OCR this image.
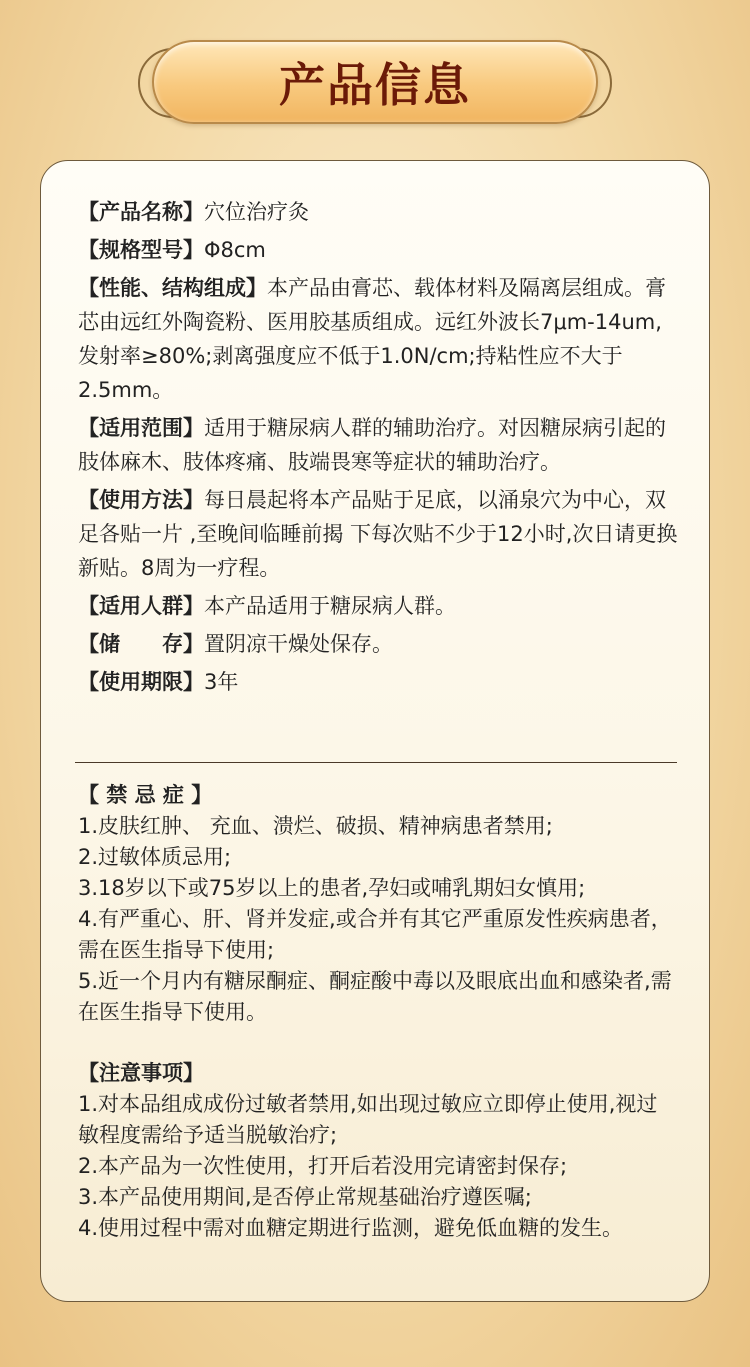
产品信息

【产品名称】穴位治疗灸

【规格型号】Φ8cm

【性能、结构组成】本产品由膏芯、载体材料及隔离层组成。膏芯由远红外陶瓷粉、医用胶基质组成。远红外波长7μm-14um,发射率≥80%;剥离强度应不低于1.0N/cm;持粘性应不大于2.5mm。

【适用范围】适用于糖尿病人群的辅助治疗。对因糖尿病引起的肢体麻木、肢体疼痛、肢端畏寒等症状的辅助治疗。

【使用方法】每日晨起将本产品贴于足底，以涌泉穴为中心，双足各贴一片 ,至晚间临睡前揭 下每次贴不少于12小时,次日请更换新贴。8周为一疗程。

【适用人群】本产品适用于糖尿病人群。

【储　　存】置阴凉干燥处保存。

【使用期限】3年

【 禁 忌 症 】

1.皮肤红肿、 充血、溃烂、破损、精神病患者禁用;

2.过敏体质忌用;

3.18岁以下或75岁以上的患者,孕妇或哺乳期妇女慎用;

4.有严重心、肝、肾并发症,或合并有其它严重原发性疾病患者，需在医生指导下使用;

5.近一个月内有糖尿酮症、酮症酸中毒以及眼底出血和感染者,需在医生指导下使用。

【注意事项】

1.对本品组成成份过敏者禁用,如出现过敏应立即停止使用,视过敏程度需给予适当脱敏治疗;

2.本产品为一次性使用，打开后若没用完请密封保存;

3.本产品使用期间,是否停止常规基础治疗遵医嘱;

4.使用过程中需对血糖定期进行监测，避免低血糖的发生。
